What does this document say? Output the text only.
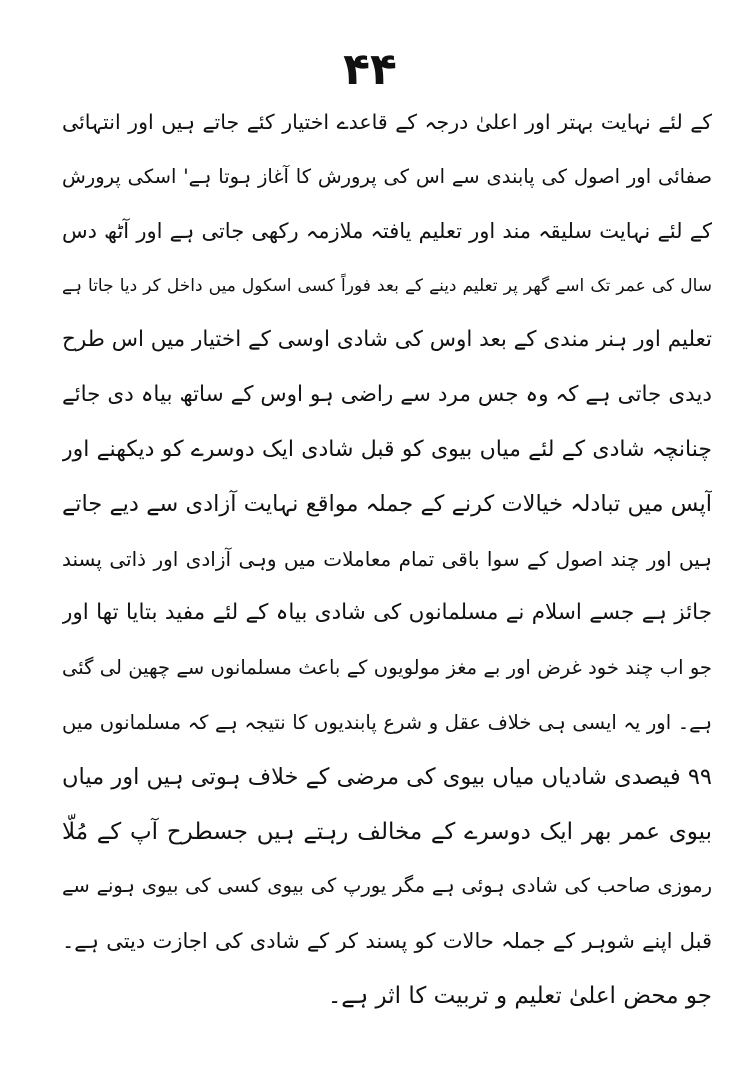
۴۴
کے لئے نہایت بہتر اور اعلیٰ درجہ کے قاعدے اختیار کئے جاتے ہیں اور انتہائی
صفائی اور اصول کی پابندی سے اس کی پرورش کا آغاز ہوتا ہے' اسکی پرورش
کے لئے نہایت سلیقہ مند اور تعلیم یافتہ ملازمہ رکھی جاتی ہے اور آٹھ دس
سال کی عمر تک اسے گھر پر تعلیم دینے کے بعد فوراً کسی اسکول میں داخل کر دیا جاتا ہے
تعلیم اور ہنر مندی کے بعد اوس کی شادی اوسی کے اختیار میں اس طرح
دیدی جاتی ہے کہ وہ جس مرد سے راضی ہو اوس کے ساتھ بیاہ دی جائے
چنانچہ شادی کے لئے میاں بیوی کو قبل شادی ایک دوسرے کو دیکھنے اور
آپس میں تبادلہ خیالات کرنے کے جملہ مواقع نہایت آزادی سے دیے جاتے
ہیں اور چند اصول کے سوا باقی تمام معاملات میں وہی آزادی اور ذاتی پسند
جائز ہے جسے اسلام نے مسلمانوں کی شادی بیاہ کے لئے مفید بتایا تھا اور
جو اب چند خود غرض اور بے مغز مولویوں کے باعث مسلمانوں سے چھین لی گئی
ہے۔ اور یہ ایسی ہی خلاف عقل و شرع پابندیوں کا نتیجہ ہے کہ مسلمانوں میں
۹۹ فیصدی شادیاں میاں بیوی کی مرضی کے خلاف ہوتی ہیں اور میاں
بیوی عمر بھر ایک دوسرے کے مخالف رہتے ہیں جسطرح آپ کے مُلّا
رموزی صاحب کی شادی ہوئی ہے مگر یورپ کی بیوی کسی کی بیوی ہونے سے
قبل اپنے شوہر کے جملہ حالات کو پسند کر کے شادی کی اجازت دیتی ہے۔
جو محض اعلیٰ تعلیم و تربیت کا اثر ہے۔
